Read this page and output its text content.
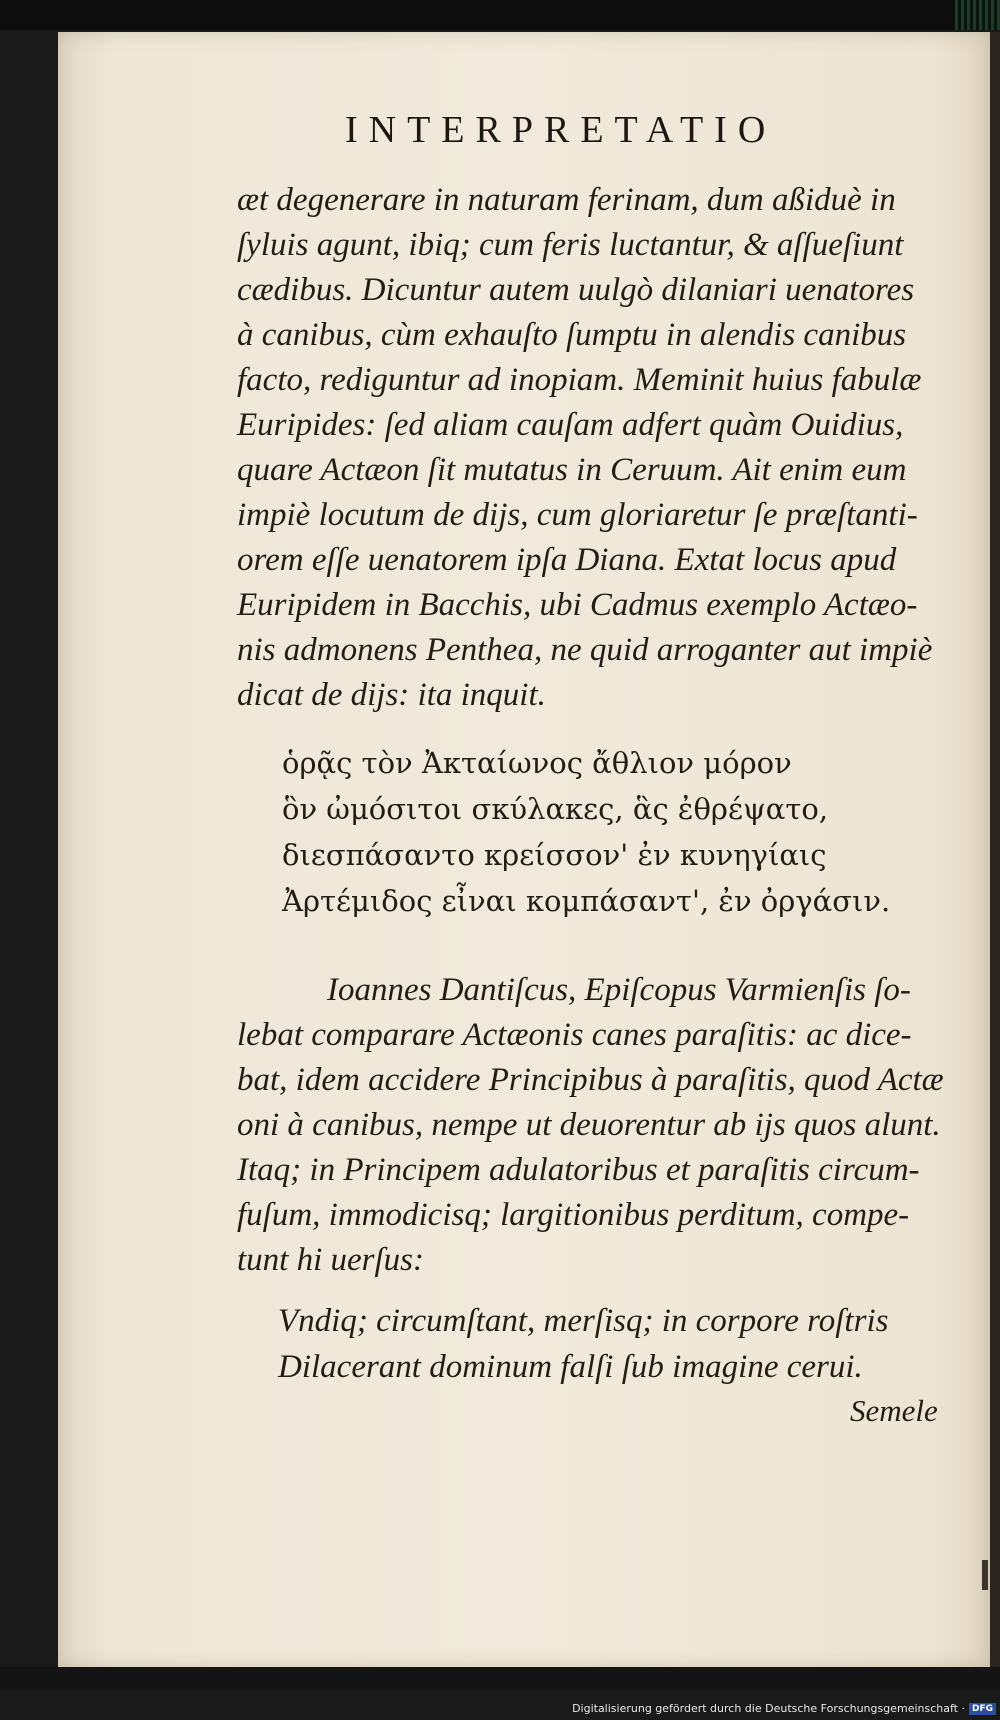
INTERPRETATIO
æt degenerare in naturam ferinam, dum aßiduè in
ſyluis agunt, ibiq; cum feris luctantur, & aſſueſiunt
cædibus. Dicuntur autem uulgò dilaniari uenatores
à canibus, cùm exhauſto ſumptu in alendis canibus
facto, rediguntur ad inopiam. Meminit huius fabulæ
Euripides: ſed aliam cauſam adfert quàm Ouidius,
quare Actæon ſit mutatus in Ceruum. Ait enim eum
impiè locutum de dijs, cum gloriaretur ſe præſtanti-
orem eſſe uenatorem ipſa Diana. Extat locus apud
Euripidem in Bacchis, ubi Cadmus exemplo Actæo-
nis admonens Penthea, ne quid arroganter aut impiè
dicat de dijs: ita inquit.
ὁρᾷς τὸν Ἀκταίωνος ἄθλιον μόρον
ὃν ὠμόσιτοι σκύλακες, ἃς ἐθρέψατο,
διεσπάσαντο κρείσσον' ἐν κυνηγίαις
Ἀρτέμιδος εἶναι κομπάσαντ', ἐν ὀργάσιν.
Ioannes Dantiſcus, Epiſcopus Varmienſis ſo-
lebat comparare Actæonis canes paraſitis: ac dice-
bat, idem accidere Principibus à paraſitis, quod Actæ
oni à canibus, nempe ut deuorentur ab ijs quos alunt.
Itaq; in Principem adulatoribus et paraſitis circum-
fuſum, immodicisq; largitionibus perditum, compe-
tunt hi uerſus:
Vndiq; circumſtant, merſisq; in corpore roſtris
Dilacerant dominum falſi ſub imagine cerui.
Semele
Digitalisierung gefördert durch die Deutsche Forschungsgemeinschaft · DFG
